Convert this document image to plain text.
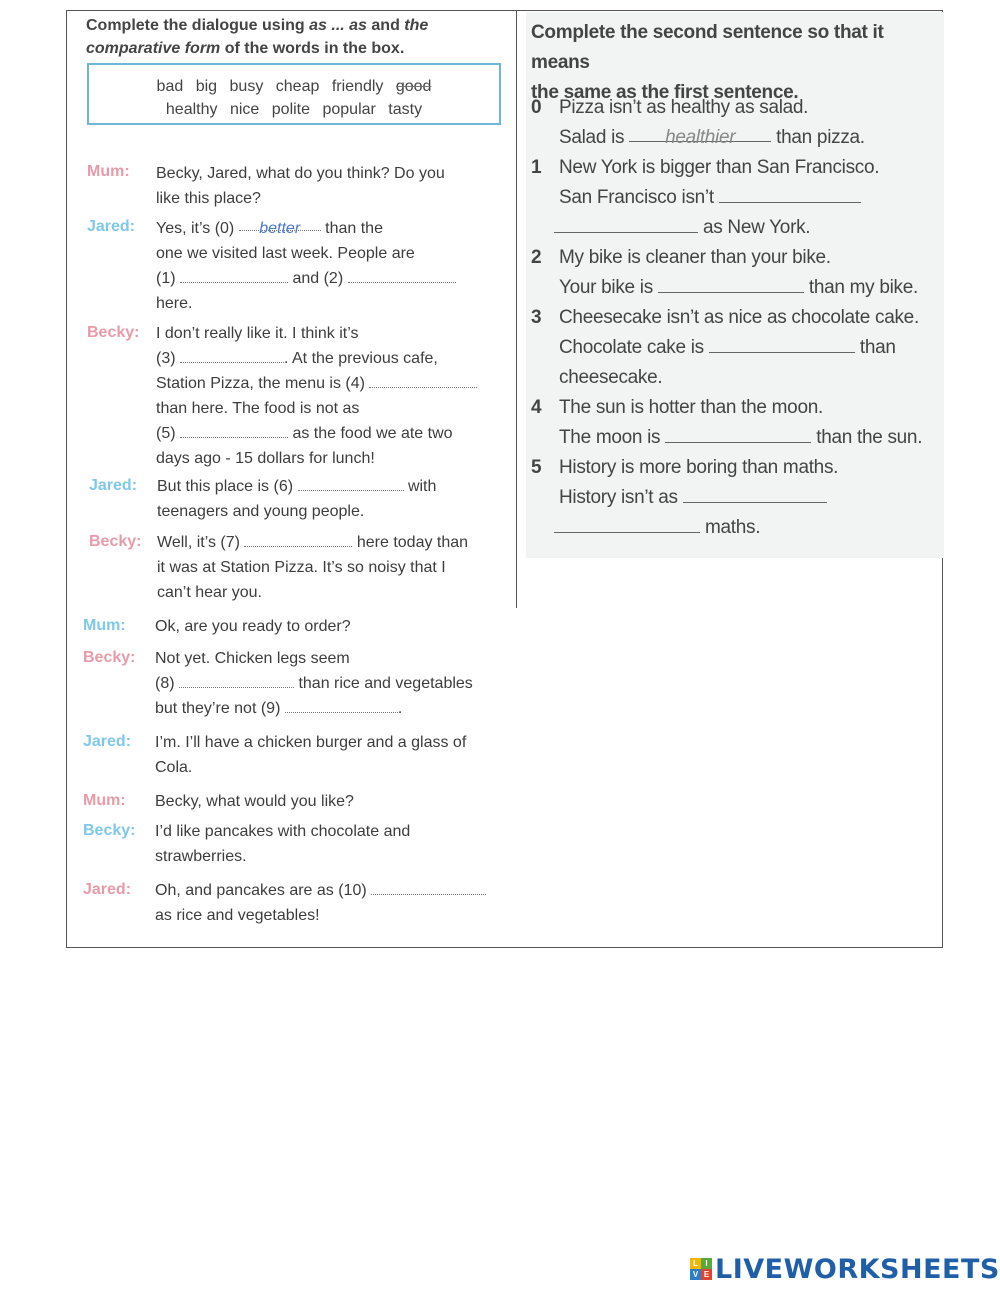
Complete the dialogue using as ... as and the
comparative form of the words in the box.

bad big busy cheap friendly good
healthy nice polite popular tasty
Mum: Becky, Jared, what do you think? Do you
like this place?
Jared: Yes, it’s (0) better than the
one we visited last week. People are
(1)	and (2)
here.
Becky: I don’t really like it. I think it’s
(3)	. At the previous cafe,
Station Pizza, the menu is (4)
than here. The food is not as
(5)	as the food we ate two
days ago - 15 dollars for lunch!
Jared: But this place is (6)	with
teenagers and young people.
Becky: Well, it’s (7)	here today than
it was at Station Pizza. It’s so noisy that I
can’t hear you.
Mum: Ok, are you ready to order?
Becky: Not yet. Chicken legs seem
(8)	than rice and vegetables
but they’re not (9)	.
Jared: I’m. I’ll have a chicken burger and a glass of
Cola.
Mum: Becky, what would you like?
Becky: I’d like pancakes with chocolate and
strawberries.
Jared: Oh, and pancakes are as (10)
as rice and vegetables!
Complete the second sentence so that it means
the same as the first sentence.
0 Pizza isn’t as healthy as salad.
Salad is healthier than pizza.
1 New York is bigger than San Francisco.
San Francisco isn’t
as New York.
2 My bike is cleaner than your bike.
Your bike is	than my bike.
3 Cheesecake isn’t as nice as chocolate cake.
Chocolate cake is	than
cheesecake.
4 The sun is hotter than the moon.
The moon is	than the sun.
5 History is more boring than maths.
History isn’t as
maths.
L I
V E LIVEWORKSHEETS
